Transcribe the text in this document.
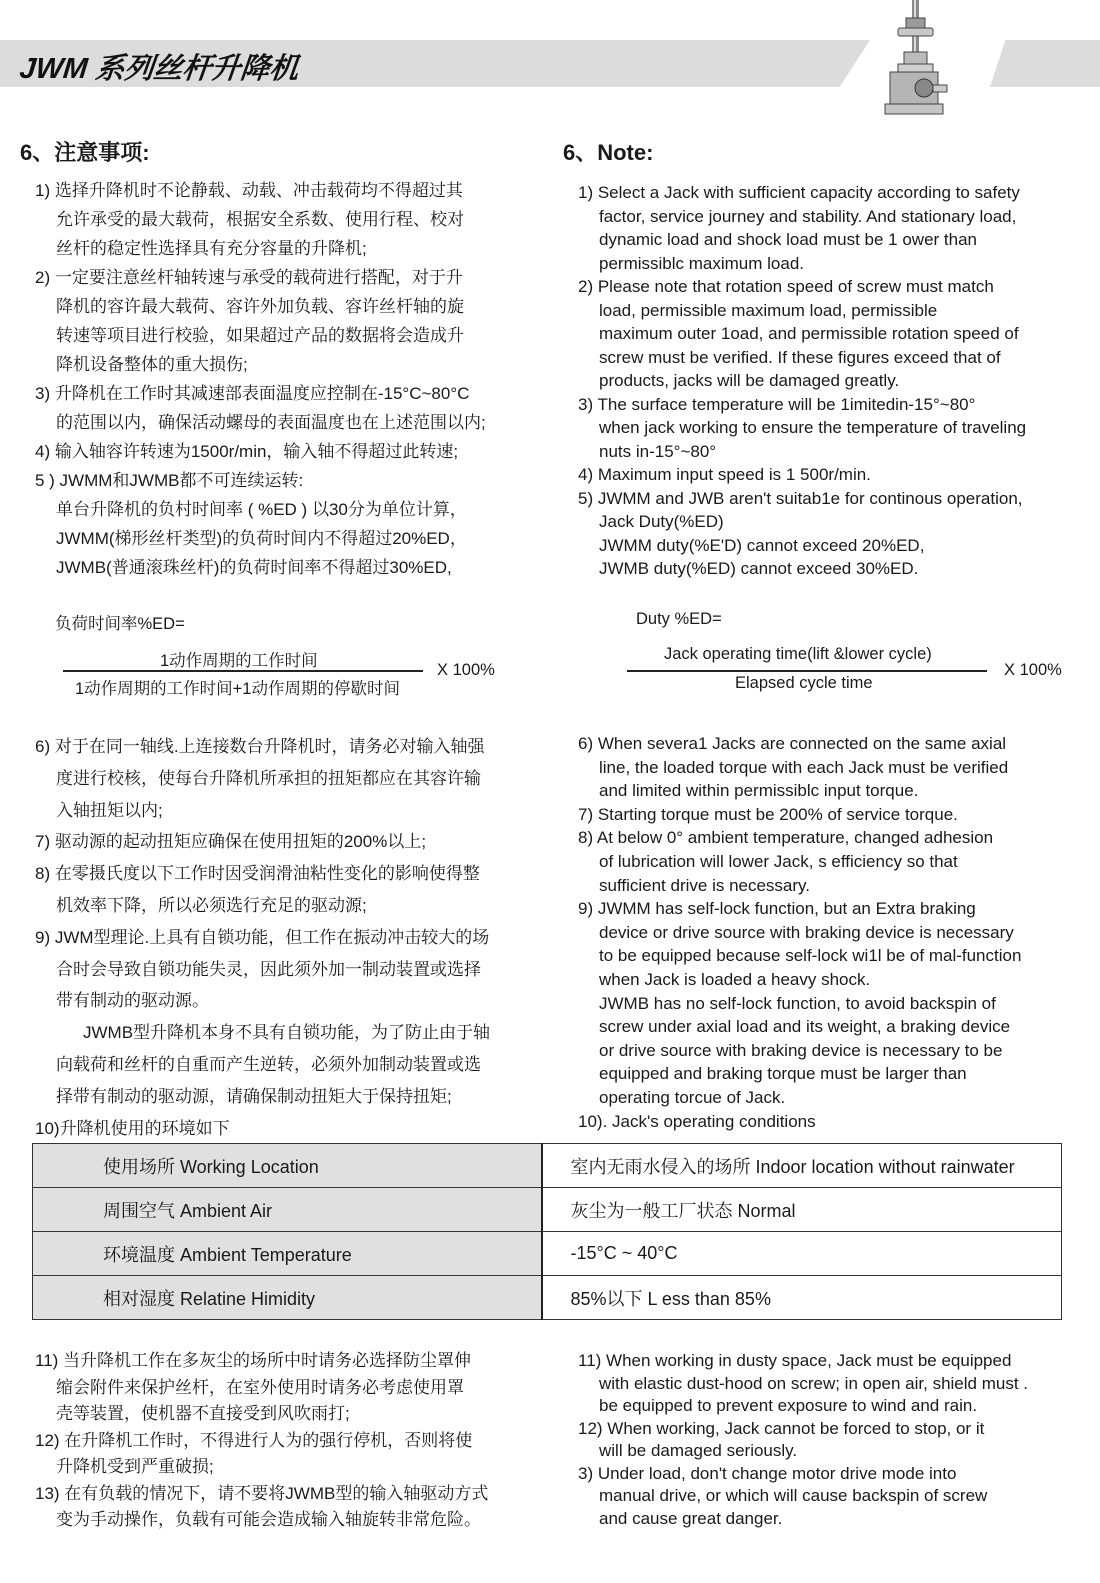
JWM 系列丝杆升降机
6、注意事项:	6、Note:
1) 选择升降机时不论静载、动载、冲击载荷均不得超过其
允许承受的最大载荷，根据安全系数、使用行程、校对
丝杆的稳定性选择具有充分容量的升降机;
2) 一定要注意丝杆轴转速与承受的载荷进行搭配，对于升
降机的容许最大载荷、容许外加负载、容许丝杆轴的旋
转速等项目进行校验，如果超过产品的数据将会造成升
降机设备整体的重大损伤;
3) 升降机在工作时其减速部表面温度应控制在-15°C~80°C
的范围以内，确保活动螺母的表面温度也在上述范围以内;
4) 输入轴容许转速为1500r/min，输入轴不得超过此转速;
5 ) JWMM和JWMB都不可连续运转:
单台升降机的负村时间率 ( %ED ) 以30分为单位计算，
JWMM(梯形丝杆类型)的负荷时间内不得超过20%ED，
JWMB(普通滚珠丝杆)的负荷时间率不得超过30%ED,
6) 对于在同一轴线.上连接数台升降机时，请务必对输入轴强
度进行校核，使每台升降机所承担的扭矩都应在其容许输
入轴扭矩以内;
7) 驱动源的起动扭矩应确保在使用扭矩的200%以上;
8) 在零摄氏度以下工作时因受润滑油粘性变化的影响使得整
机效率下降，所以必须选行充足的驱动源;
9) JWM型理论.上具有自锁功能，但工作在振动冲击较大的场
合时会导致自锁功能失灵，因此须外加一制动装置或选择
带有制动的驱动源。
JWMB型升降机本身不具有自锁功能，为了防止由于轴
向载荷和丝杆的自重而产生逆转，必须外加制动装置或选
择带有制动的驱动源，请确保制动扭矩大于保持扭矩;
10)升降机使用的环境如下
11) 当升降机工作在多灰尘的场所中时请务必选择防尘罩伸
缩会附件来保护丝杆，在室外使用时请务必考虑使用罩
壳等装置，使机器不直接受到风吹雨打;
12) 在升降机工作时，不得进行人为的强行停机，否则将使
升降机受到严重破损;
13) 在有负载的情况下，请不要将JWMB型的输入轴驱动方式
变为手动操作，负载有可能会造成输入轴旋转非常危险。
1) Select a Jack with sufficient capacity according to safety
factor, service journey and stability. And stationary load,
dynamic load and shock load must be 1 ower than
permissiblc maximum load.
2) Please note that rotation speed of screw must match
load, permissible maximum load, permissible
maximum outer 1oad, and permissible rotation speed of
screw must be verified. If these figures exceed that of
products, jacks will be damaged greatly.
3) The surface temperature will be 1imitedin-15°~80°
when jack working to ensure the temperature of traveling
nuts in-15°~80°
4) Maximum input speed is 1 500r/min.
5) JWMM and JWB aren't suitab1e for continous operation,
Jack Duty(%ED)
JWMM duty(%E'D) cannot exceed 20%ED,
JWMB duty(%ED) cannot exceed 30%ED.
6) When severa1 Jacks are connected on the same axial
line, the loaded torque with each Jack must be verified
and limited within permissiblc input torque.
7) Starting torque must be 200% of service torque.
8) At below 0° ambient temperature, changed adhesion
of lubrication will lower Jack, s efficiency so that
sufficient drive is necessary.
9) JWMM has self-lock function, but an Extra braking
device or drive source with braking device is necessary
to be equipped because self-lock wi1l be of mal-function
when Jack is loaded a heavy shock.
JWMB has no self-lock function, to avoid backspin of
screw under axial load and its weight, a braking device
or drive source with braking device is necessary to be
equipped and braking torque must be larger than
operating torcue of Jack.
10). Jack's operating conditions
11) When working in dusty space, Jack must be equipped
with elastic dust-hood on screw; in open air, shield must .
be equipped to prevent exposure to wind and rain.
12) When working, Jack cannot be forced to stop, or it
will be damaged seriously.
3) Under load, don't change motor drive mode into
manual drive, or which will cause backspin of screw
and cause great danger.
负荷时间率%ED=
1动作周期的工作时间
1动作周期的工作时间+1动作周期的停歇时间
X 100%
Duty %ED=
Jack operating time(lift &lower cycle)
Elapsed cycle time
X 100%
使用场所 Working Location	室内无雨水侵入的场所 Indoor location without rainwater
周围空气 Ambient Air	灰尘为一般工厂状态 Normal
环境温度 Ambient Temperature	-15°C ~ 40°C
相对湿度 Relatine Himidity	85%以下 L ess than 85%
